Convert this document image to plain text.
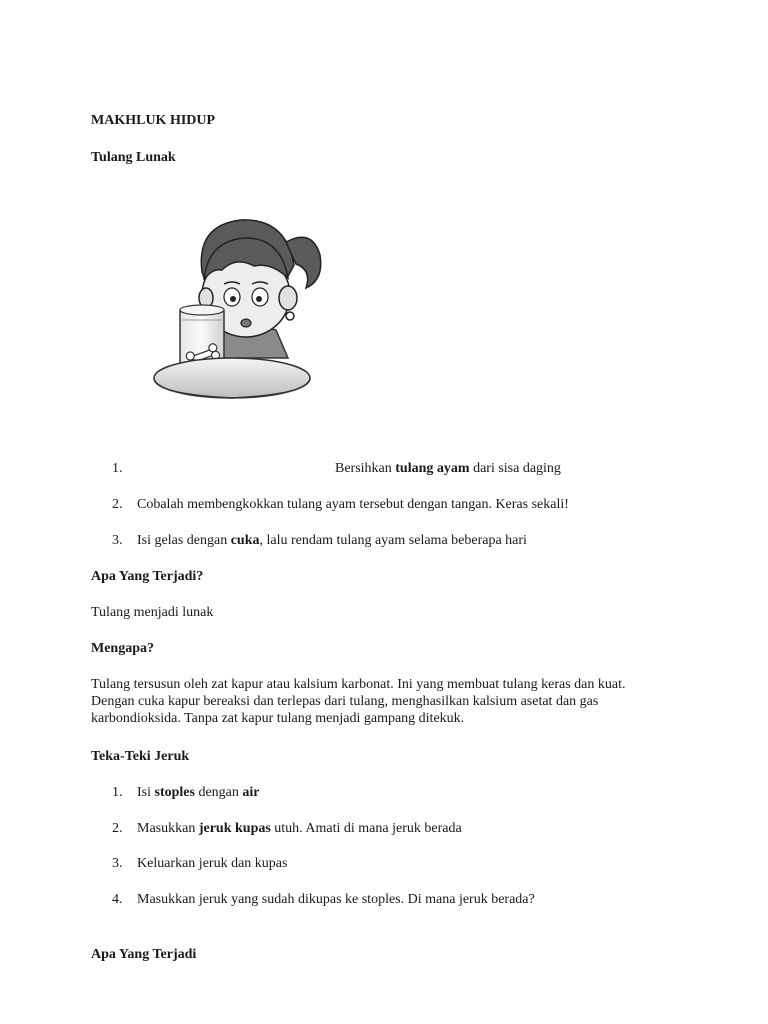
MAKHLUK HIDUP
Tulang Lunak
1.	Bersihkan tulang ayam dari sisa daging
2. Cobalah membengkokkan tulang ayam tersebut dengan tangan. Keras sekali!
3. Isi gelas dengan cuka, lalu rendam tulang ayam selama beberapa hari
Apa Yang Terjadi?
Tulang menjadi lunak
Mengapa?
Tulang tersusun oleh zat kapur atau kalsium karbonat. Ini yang membuat tulang keras dan kuat.
Dengan cuka kapur bereaksi dan terlepas dari tulang, menghasilkan kalsium asetat dan gas
karbondioksida. Tanpa zat kapur tulang menjadi gampang ditekuk.
Teka-Teki Jeruk
1. Isi stoples dengan air
2. Masukkan jeruk kupas utuh. Amati di mana jeruk berada
3. Keluarkan jeruk dan kupas
4. Masukkan jeruk yang sudah dikupas ke stoples. Di mana jeruk berada?
Apa Yang Terjadi
